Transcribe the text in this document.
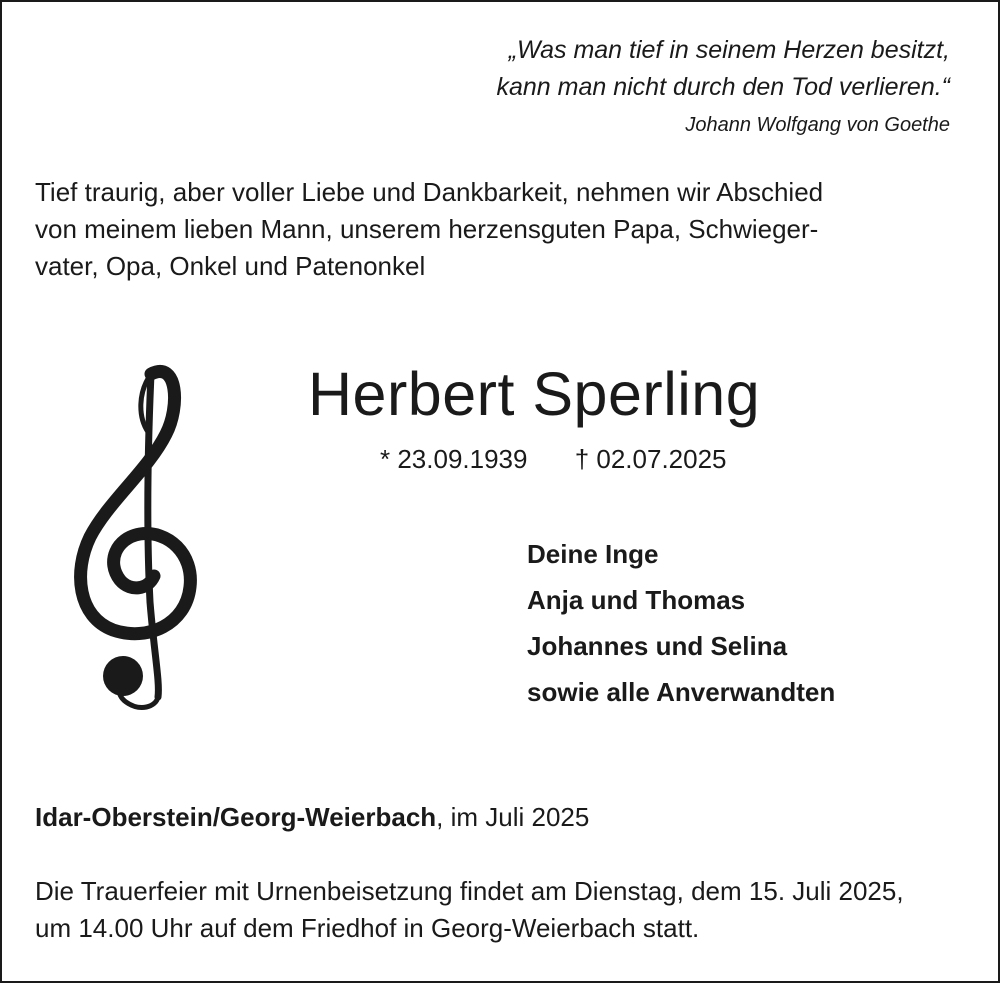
„Was man tief in seinem Herzen besitzt,
kann man nicht durch den Tod verlieren.“
Johann Wolfgang von Goethe
Tief traurig, aber voller Liebe und Dankbarkeit, nehmen wir Abschied
von meinem lieben Mann, unserem herzensguten Papa, Schwieger-
vater, Opa, Onkel und Patenonkel
Herbert Sperling
* 23.09.1939 † 02.07.2025
Deine Inge
Anja und Thomas
Johannes und Selina
sowie alle Anverwandten
Idar-Oberstein/Georg-Weierbach, im Juli 2025
Die Trauerfeier mit Urnenbeisetzung findet am Dienstag, dem 15. Juli 2025,
um 14.00 Uhr auf dem Friedhof in Georg-Weierbach statt.
